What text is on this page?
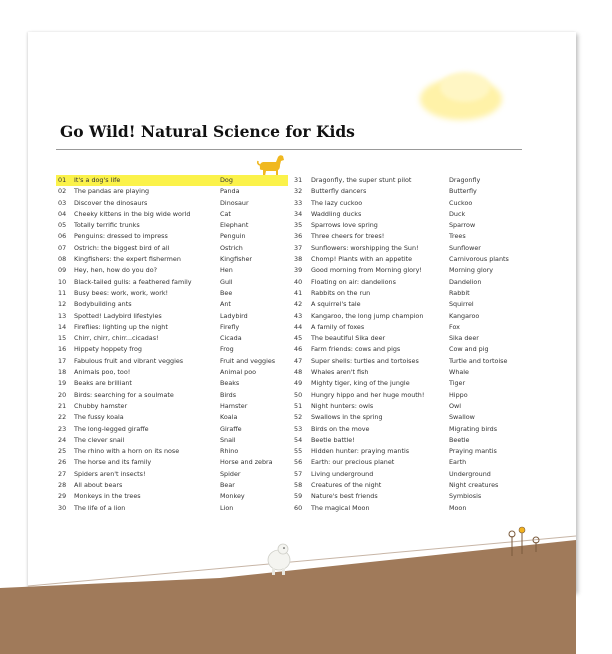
Go Wild! Natural Science for Kids
01 It's a dog's life	Dog
02 The pandas are playing	Panda
03 Discover the dinosaurs	Dinosaur
04 Cheeky kittens in the big wide world	Cat
05 Totally terrific trunks	Elephant
06 Penguins: dressed to impress	Penguin
07 Ostrich: the biggest bird of all	Ostrich
08 Kingfishers: the expert fishermen	Kingfisher
09 Hey, hen, how do you do?	Hen
10 Black-tailed gulls: a feathered family	Gull
11 Busy bees: work, work, work!	Bee
12 Bodybuilding ants	Ant
13 Spotted! Ladybird lifestyles	Ladybird
14 Fireflies: lighting up the night	Firefly
15 Chirr, chirr, chirr...cicadas!	Cicada
16 Hippety hoppety frog	Frog
17 Fabulous fruit and vibrant veggies	Fruit and veggies
18 Animals poo, too!	Animal poo
19 Beaks are brilliant	Beaks
20 Birds: searching for a soulmate	Birds
21 Chubby hamster	Hamster
22 The fussy koala	Koala
23 The long-legged giraffe	Giraffe
24 The clever snail	Snail
25 The rhino with a horn on its nose	Rhino
26 The horse and its family	Horse and zebra
27 Spiders aren't insects!	Spider
28 All about bears	Bear
29 Monkeys in the trees	Monkey
30 The life of a lion	Lion
31 Dragonfly, the super stunt pilot	Dragonfly
32 Butterfly dancers	Butterfly
33 The lazy cuckoo	Cuckoo
34 Waddling ducks	Duck
35 Sparrows love spring	Sparrow
36 Three cheers for trees!	Trees
37 Sunflowers: worshipping the Sun!	Sunflower
38 Chomp! Plants with an appetite	Carnivorous plants
39 Good morning from Morning glory!	Morning glory
40 Floating on air: dandelions	Dandelion
41 Rabbits on the run	Rabbit
42 A squirrel's tale	Squirrel
43 Kangaroo, the long jump champion	Kangaroo
44 A family of foxes	Fox
45 The beautiful Sika deer	Sika deer
46 Farm friends: cows and pigs	Cow and pig
47 Super shells: turtles and tortoises	Turtle and tortoise
48 Whales aren't fish	Whale
49 Mighty tiger, king of the jungle	Tiger
50 Hungry hippo and her huge mouth!	Hippo
51 Night hunters: owls	Owl
52 Swallows in the spring	Swallow
53 Birds on the move	Migrating birds
54 Beetle battle!	Beetle
55 Hidden hunter: praying mantis	Praying mantis
56 Earth: our precious planet	Earth
57 Living underground	Underground
58 Creatures of the night	Night creatures
59 Nature's best friends	Symbiosis
60 The magical Moon	Moon
